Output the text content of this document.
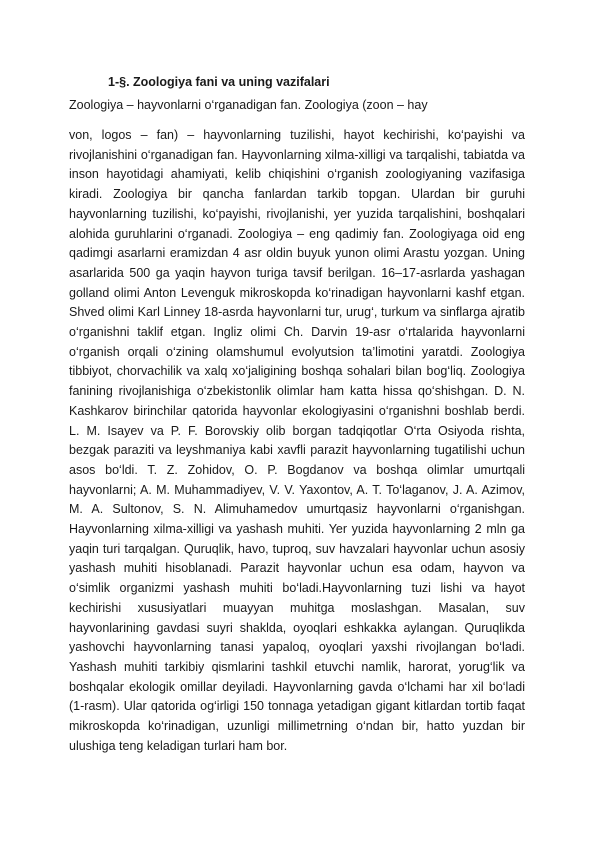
1-§. Zoologiya fani va uning vazifalari
Zoologiya – hayvonlarni o‘rganadigan fan. Zoologiya (zoon – hay
von, logos – fan) – hayvonlarning tuzilishi, hayot kechirishi, ko‘payishi va rivojlanishini o‘rganadigan fan. Hayvonlarning xilma-xilligi va tarqalishi, tabiatda va inson hayotidagi ahamiyati, kelib chiqishini o‘rganish zoologiyaning vazifasiga kiradi. Zoologiya bir qancha fanlardan tarkib topgan. Ulardan bir guruhi hayvonlarning tuzilishi, ko‘payishi, rivojlanishi, yer yuzida tarqalishini, boshqalari alohida guruhlarini o‘rganadi. Zoologiya – eng qadimiy fan. Zoologiyaga oid eng qadimgi asarlarni eramizdan 4 asr oldin buyuk yunon olimi Arastu yozgan. Uning asarlarida 500 ga yaqin hayvon turiga tavsif berilgan. 16–17-asrlarda yashagan golland olimi Anton Levenguk mikroskopda ko‘rinadigan hayvonlarni kashf etgan. Shved olimi Karl Linney 18-asrda hayvonlarni tur, urug‘, turkum va sinflarga ajratib o‘rganishni taklif etgan. Ingliz olimi Ch. Darvin 19-asr o‘rtalarida hayvonlarni o‘rganish orqali o‘zining olamshumul evolyutsion ta’limotini yaratdi. Zoologiya tibbiyot, chorvachilik va xalq xo‘jaligining boshqa sohalari bilan bog‘liq. Zoologiya fanining rivojlanishiga o‘zbekistonlik olimlar ham katta hissa qo‘shishgan. D. N. Kashkarov birinchilar qatorida hayvonlar ekologiyasini o‘rganishni boshlab berdi. L. M. Isayev va P. F. Borovskiy olib borgan tadqiqotlar O‘rta Osiyoda rishta, bezgak paraziti va leyshmaniya kabi xavfli parazit hayvonlarning tugatilishi uchun asos bo‘ldi. T. Z. Zohidov, O. P. Bogdanov va boshqa olimlar umurtqali hayvonlarni; A. M. Muhammadiyev, V. V. Yaxontov, A. T. To‘laganov, J. A. Azimov, M. A. Sultonov, S. N. Alimuhamedov umurtqasiz hayvonlarni o‘rganishgan. Hayvonlarning xilma-xilligi va yashash muhiti. Yer yuzida hayvonlarning 2 mln ga yaqin turi tarqalgan. Quruqlik, havo, tuproq, suv havzalari hayvonlar uchun asosiy yashash muhiti hisoblanadi. Parazit hayvonlar uchun esa odam, hayvon va o‘simlik organizmi yashash muhiti bo‘ladi.Hayvonlarning tuzi lishi va hayot kechirishi xususiyatlari muayyan muhitga moslashgan. Masalan, suv hayvonlarining gavdasi suyri shaklda, oyoqlari eshkakka aylangan. Quruqlikda yashovchi hayvonlarning tanasi yapaloq, oyoqlari yaxshi rivojlangan bo‘ladi. Yashash muhiti tarkibiy qismlarini tashkil etuvchi namlik, harorat, yorug‘lik va boshqalar ekologik omillar deyiladi. Hayvonlarning gavda o‘lchami har xil bo‘ladi (1-rasm). Ular qatorida og‘irligi 150 tonnaga yetadigan gigant kitlardan tortib faqat mikroskopda ko‘rinadigan, uzunligi millimetrning o‘ndan bir, hatto yuzdan bir ulushiga teng keladigan turlari ham bor.
